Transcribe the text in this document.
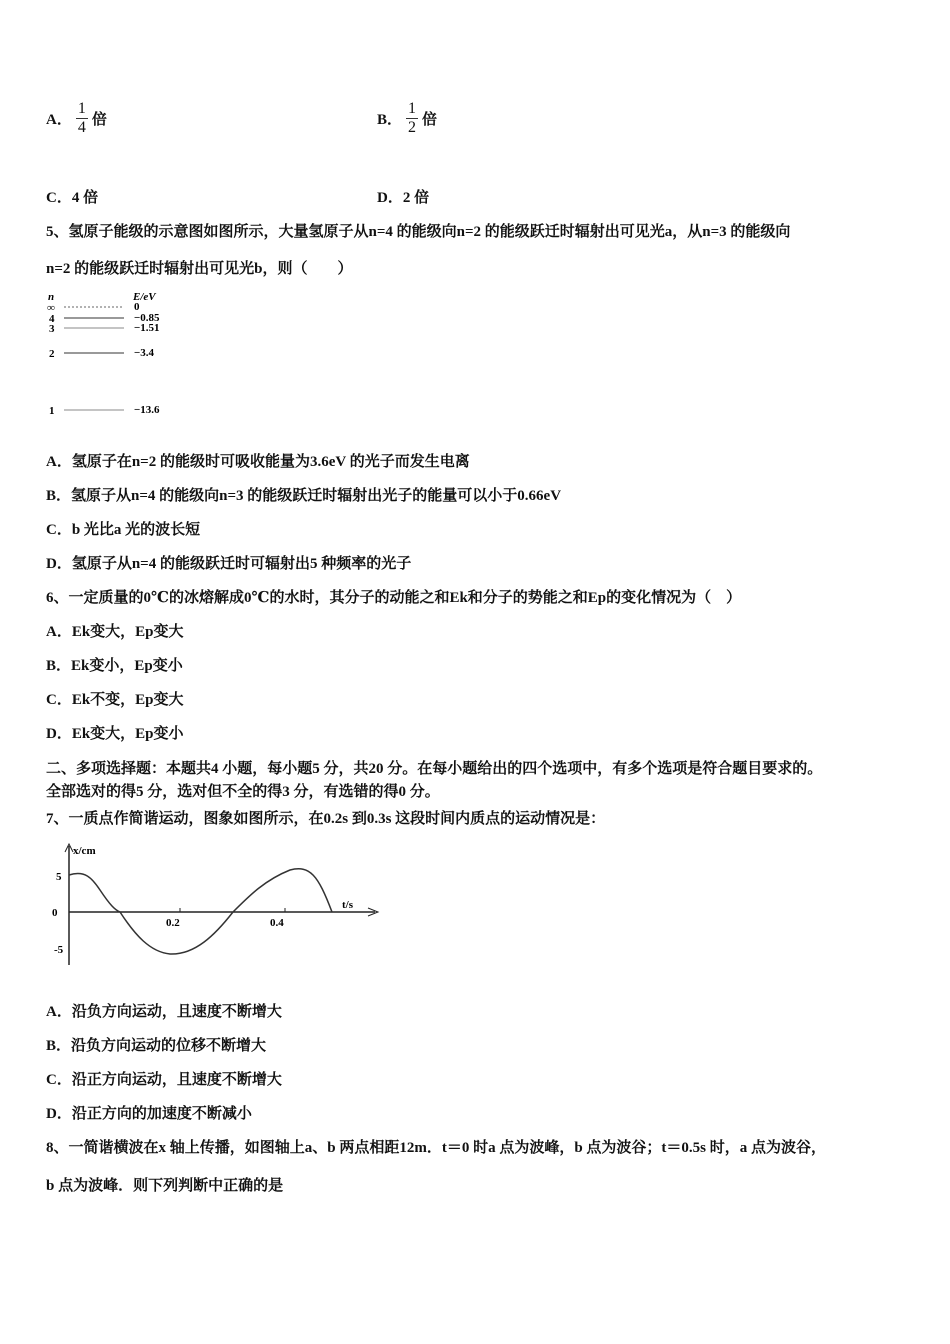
A． $\frac{1}{4}$ 倍	B． $\frac{1}{2}$ 倍
C．4 倍	D．2 倍
5、氢原子能级的示意图如图所示，大量氢原子从n=4 的能级向n=2 的能级跃迁时辐射出可见光a，从n=3 的能级向
n=2 的能级跃迁时辐射出可见光b，则（　　）
n	E/eV
∞	0
4	−0.85
3	−1.51
2	−3.4
1	−13.6
A．氢原子在n=2 的能级时可吸收能量为3.6eV 的光子而发生电离
B．氢原子从n=4 的能级向n=3 的能级跃迁时辐射出光子的能量可以小于0.66eV
C．b 光比a 光的波长短
D．氢原子从n=4 的能级跃迁时可辐射出5 种频率的光子
6、一定质量的0℃的冰熔解成0℃的水时，其分子的动能之和Ek和分子的势能之和Ep的变化情况为（　）
A．Ek变大，Ep变大
B．Ek变小，Ep变小
C．Ek不变，Ep变大
D．Ek变大，Ep变小
二、多项选择题：本题共4 小题，每小题5 分，共20 分。在每小题给出的四个选项中，有多个选项是符合题目要求的。
全部选对的得5 分，选对但不全的得3 分，有选错的得0 分。
7、一质点作简谐运动，图象如图所示，在0.2s 到0.3s 这段时间内质点的运动情况是：
x/cm
t/s
5
0
-5
0.2	0.4
A．沿负方向运动，且速度不断增大
B．沿负方向运动的位移不断增大
C．沿正方向运动，且速度不断增大
D．沿正方向的加速度不断减小
8、一简谐横波在x 轴上传播，如图轴上a、b 两点相距12m．t＝0 时a 点为波峰，b 点为波谷；t＝0.5s 时，a 点为波谷，
b 点为波峰．则下列判断中正确的是
